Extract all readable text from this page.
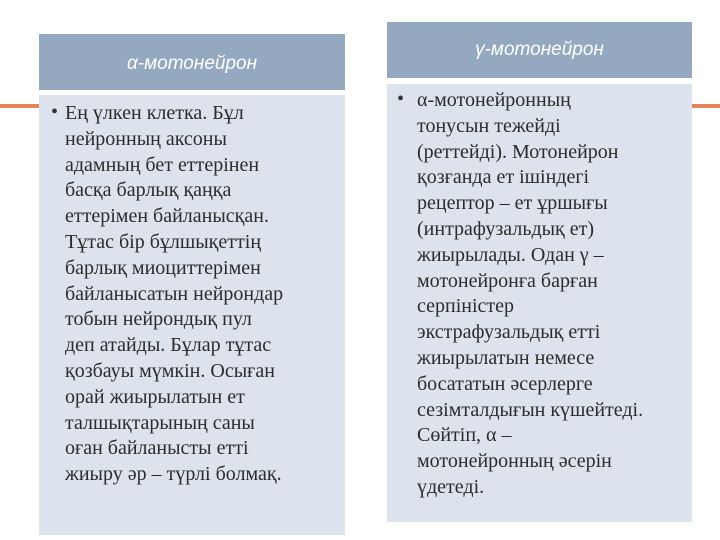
α-мотонейрон
• Ең үлкен клетка. Бұл
нейронның аксоны
адамның бет еттерінен
басқа барлық қаңқа
еттерімен байланысқан.
Тұтас бір бұлшықеттің
барлық миоциттерімен
байланысатын нейрондар
тобын нейрондық пул
деп атайды. Бұлар тұтас
қозбауы мүмкін. Осыған
орай жиырылатын ет
талшықтарының саны
оған байланысты етті
жиыру әр – түрлі болмақ.

γ-мотонейрон
• α-мотонейронның
тонусын тежейді
(реттейді). Мотонейрон
қозғанда ет ішіндегі
рецептор – ет ұршығы
(интрафузальдық ет)
жиырылады. Одан γ –
мотонейронға барған
серпіністер
экстрафузальдық етті
жиырылатын немесе
босататын әсерлерге
сезімталдығын күшейтеді.
Сөйтіп, α –
мотонейронның әсерін
үдетеді.
